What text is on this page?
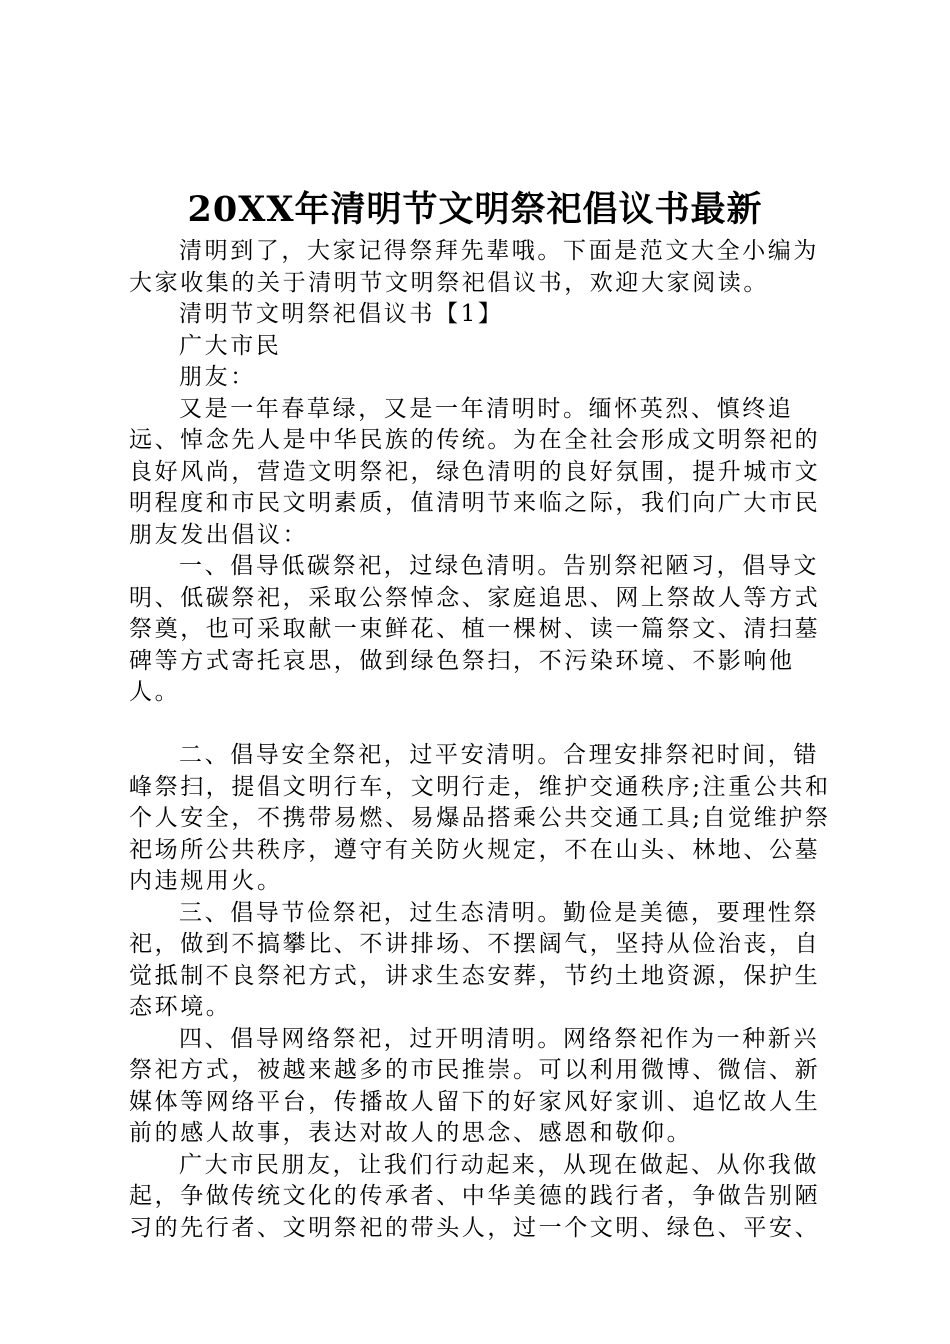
20XX年清明节文明祭祀倡议书最新

清明到了，大家记得祭拜先辈哦。下面是范文大全小编为大家收集的关于清明节文明祭祀倡议书，欢迎大家阅读。

清明节文明祭祀倡议书【1】

广大市民

朋友：

又是一年春草绿，又是一年清明时。缅怀英烈、慎终追远、悼念先人是中华民族的传统。为在全社会形成文明祭祀的良好风尚，营造文明祭祀，绿色清明的良好氛围，提升城市文明程度和市民文明素质，值清明节来临之际，我们向广大市民朋友发出倡议：

一、倡导低碳祭祀，过绿色清明。告别祭祀陋习，倡导文明、低碳祭祀，采取公祭悼念、家庭追思、网上祭故人等方式祭奠，也可采取献一束鲜花、植一棵树、读一篇祭文、清扫墓碑等方式寄托哀思，做到绿色祭扫，不污染环境、不影响他人。

二、倡导安全祭祀，过平安清明。合理安排祭祀时间，错峰祭扫，提倡文明行车，文明行走，维护交通秩序;注重公共和个人安全，不携带易燃、易爆品搭乘公共交通工具;自觉维护祭祀场所公共秩序，遵守有关防火规定，不在山头、林地、公墓内违规用火。

三、倡导节俭祭祀，过生态清明。勤俭是美德，要理性祭祀，做到不搞攀比、不讲排场、不摆阔气，坚持从俭治丧，自觉抵制不良祭祀方式，讲求生态安葬，节约土地资源，保护生态环境。

四、倡导网络祭祀，过开明清明。网络祭祀作为一种新兴祭祀方式，被越来越多的市民推崇。可以利用微博、微信、新媒体等网络平台，传播故人留下的好家风好家训、追忆故人生前的感人故事，表达对故人的思念、感恩和敬仰。

广大市民朋友，让我们行动起来，从现在做起、从你我做起，争做传统文化的传承者、中华美德的践行者，争做告别陋习的先行者、文明祭祀的带头人，过一个文明、绿色、平安、
